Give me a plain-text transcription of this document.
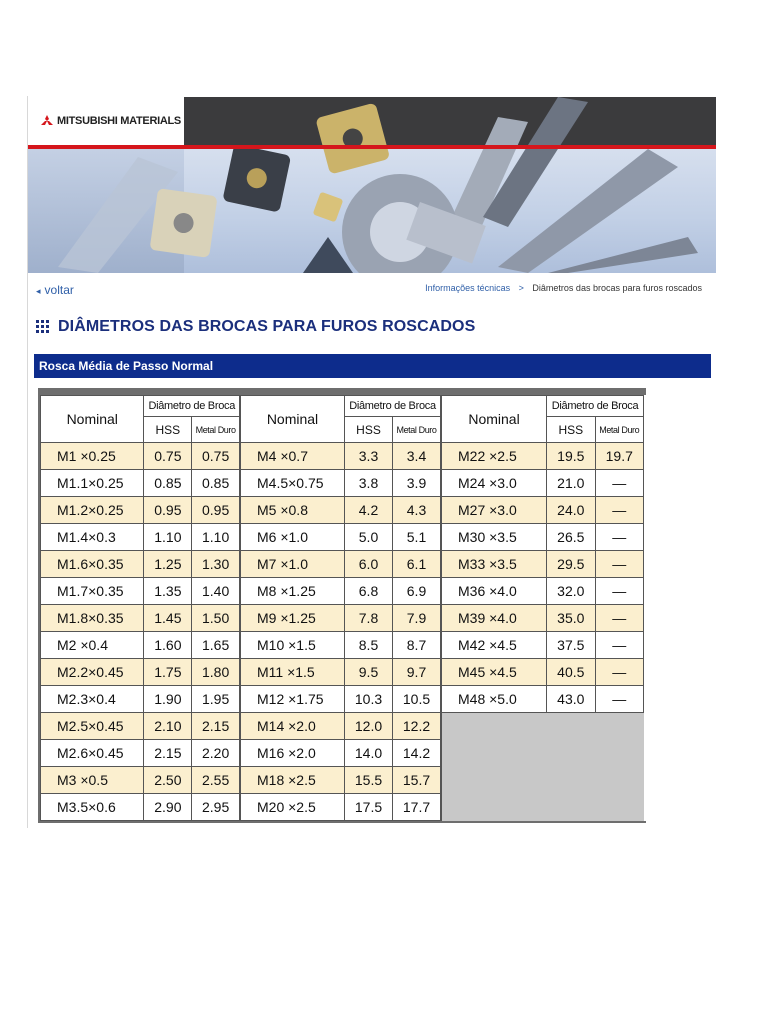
MITSUBISHI MATERIALS
◂ voltar	Informações técnicas > Diâmetros das brocas para furos roscados
DIÂMETROS DAS BROCAS PARA FUROS ROSCADOS
Rosca Média de Passo Normal
Nominal	Diâmetro de Broca	
	HSS	Metal Duro
M1 ×0.25	0.75	0.75
M1.1×0.25	0.85	0.85
M1.2×0.25	0.95	0.95
M1.4×0.3	1.10	1.10
M1.6×0.35	1.25	1.30
M1.7×0.35	1.35	1.40
M1.8×0.35	1.45	1.50
M2 ×0.4	1.60	1.65
M2.2×0.45	1.75	1.80
M2.3×0.4	1.90	1.95
M2.5×0.45	2.10	2.15
M2.6×0.45	2.15	2.20
M3 ×0.5	2.50	2.55
M3.5×0.6	2.90	2.95
Nominal	Diâmetro de Broca	
	HSS	Metal Duro
M4 ×0.7	3.3	3.4
M4.5×0.75	3.8	3.9
M5 ×0.8	4.2	4.3
M6 ×1.0	5.0	5.1
M7 ×1.0	6.0	6.1
M8 ×1.25	6.8	6.9
M9 ×1.25	7.8	7.9
M10 ×1.5	8.5	8.7
M11 ×1.5	9.5	9.7
M12 ×1.75	10.3	10.5
M14 ×2.0	12.0	12.2
M16 ×2.0	14.0	14.2
M18 ×2.5	15.5	15.7
M20 ×2.5	17.5	17.7
Nominal	Diâmetro de Broca	
	HSS	Metal Duro
M22 ×2.5	19.5	19.7
M24 ×3.0	21.0	—
M27 ×3.0	24.0	—
M30 ×3.5	26.5	—
M33 ×3.5	29.5	—
M36 ×4.0	32.0	—
M39 ×4.0	35.0	—
M42 ×4.5	37.5	—
M45 ×4.5	40.5	—
M48 ×5.0	43.0	—
